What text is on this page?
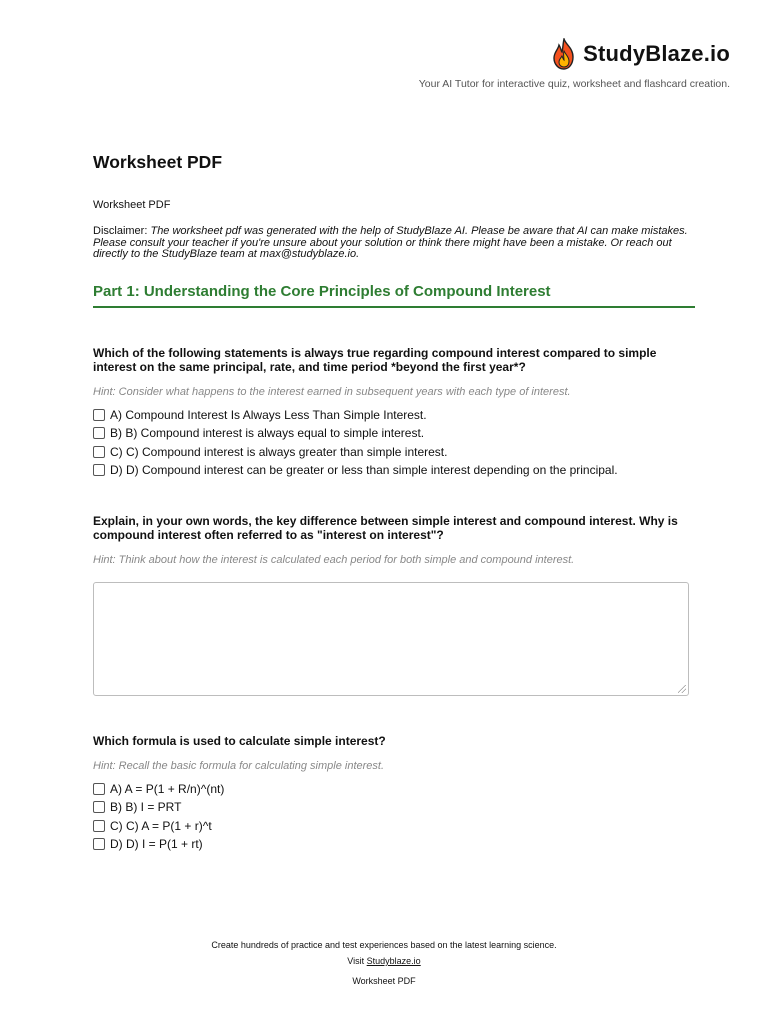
StudyBlaze.io
Your AI Tutor for interactive quiz, worksheet and flashcard creation.
Worksheet PDF
Worksheet PDF
Disclaimer: The worksheet pdf was generated with the help of StudyBlaze AI. Please be aware that AI can make mistakes. Please consult your teacher if you're unsure about your solution or think there might have been a mistake. Or reach out directly to the StudyBlaze team at max@studyblaze.io.
Part 1: Understanding the Core Principles of Compound Interest
Which of the following statements is always true regarding compound interest compared to simple interest on the same principal, rate, and time period *beyond the first year*?
Hint: Consider what happens to the interest earned in subsequent years with each type of interest.
A) Compound Interest Is Always Less Than Simple Interest.
B) B) Compound interest is always equal to simple interest.
C) C) Compound interest is always greater than simple interest.
D) D) Compound interest can be greater or less than simple interest depending on the principal.
Explain, in your own words, the key difference between simple interest and compound interest. Why is compound interest often referred to as "interest on interest"?
Hint: Think about how the interest is calculated each period for both simple and compound interest.
Which formula is used to calculate simple interest?
Hint: Recall the basic formula for calculating simple interest.
A) A = P(1 + R/n)^(nt)
B) B) I = PRT
C) C) A = P(1 + r)^t
D) D) I = P(1 + rt)
Create hundreds of practice and test experiences based on the latest learning science.
Visit Studyblaze.io
Worksheet PDF
